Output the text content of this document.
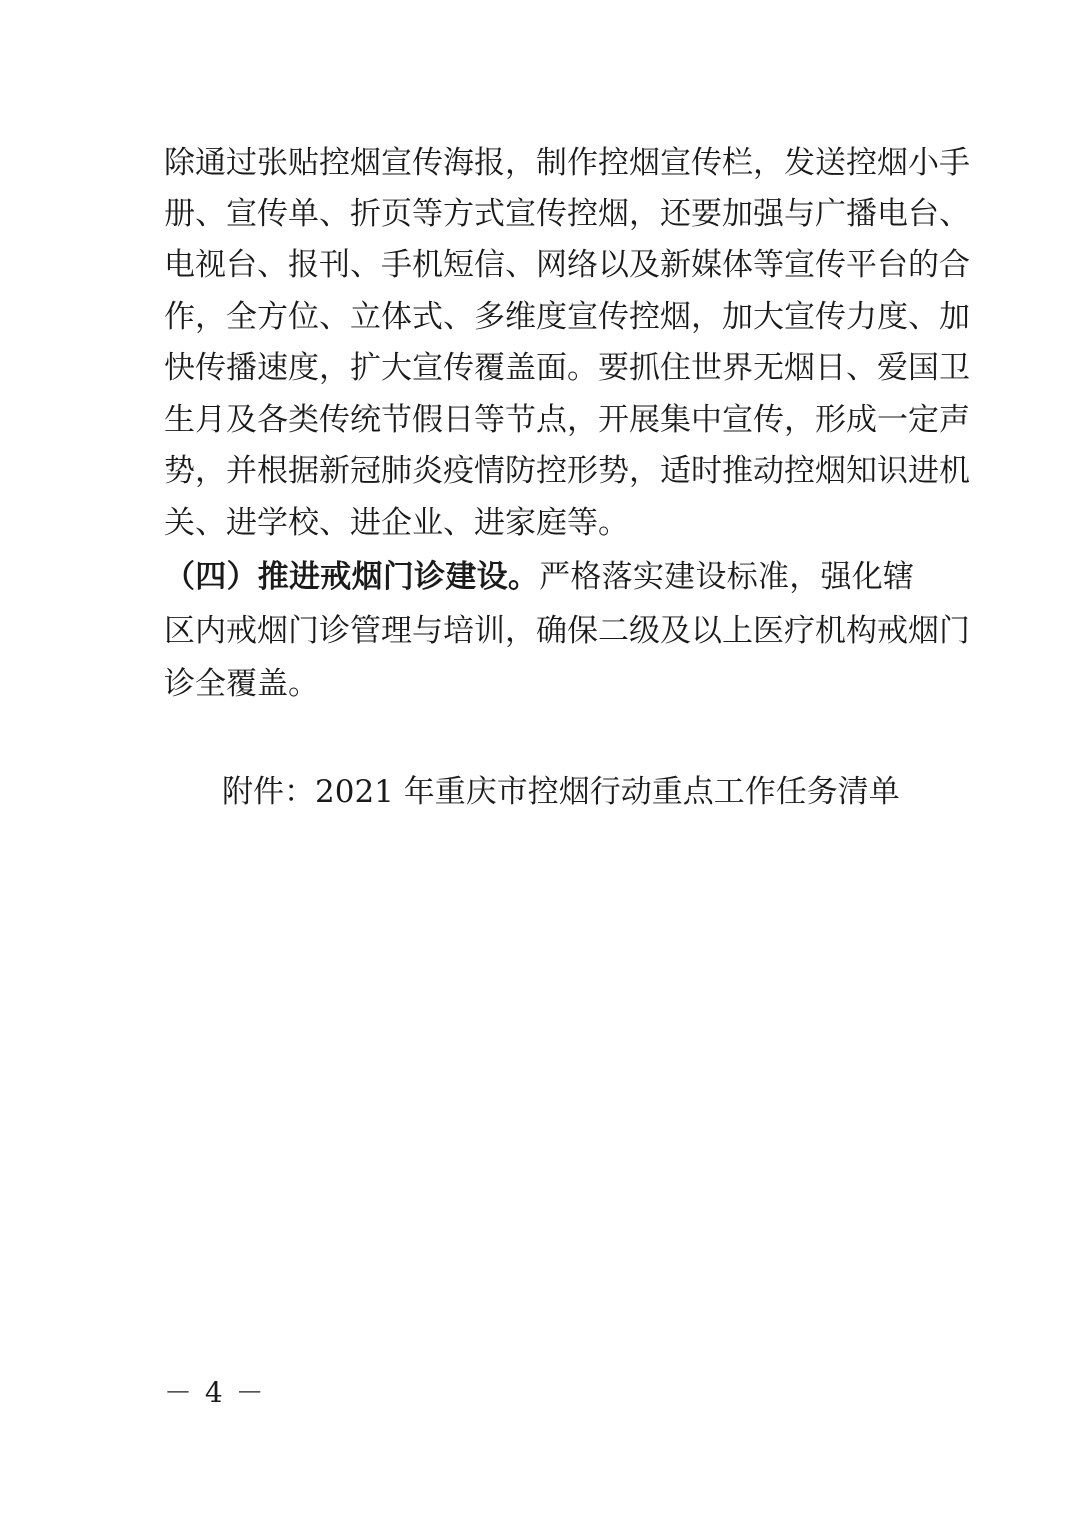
除通过张贴控烟宣传海报，制作控烟宣传栏，发送控烟小手
册、宣传单、折页等方式宣传控烟，还要加强与广播电台、
电视台、报刊、手机短信、网络以及新媒体等宣传平台的合
作，全方位、立体式、多维度宣传控烟，加大宣传力度、加
快传播速度，扩大宣传覆盖面。要抓住世界无烟日、爱国卫
生月及各类传统节假日等节点，开展集中宣传，形成一定声
势，并根据新冠肺炎疫情防控形势，适时推动控烟知识进机
关、进学校、进企业、进家庭等。
（四）推进戒烟门诊建设。严格落实建设标准，强化辖
区内戒烟门诊管理与培训，确保二级及以上医疗机构戒烟门
诊全覆盖。
附件：2021 年重庆市控烟行动重点工作任务清单
－ 4 －
